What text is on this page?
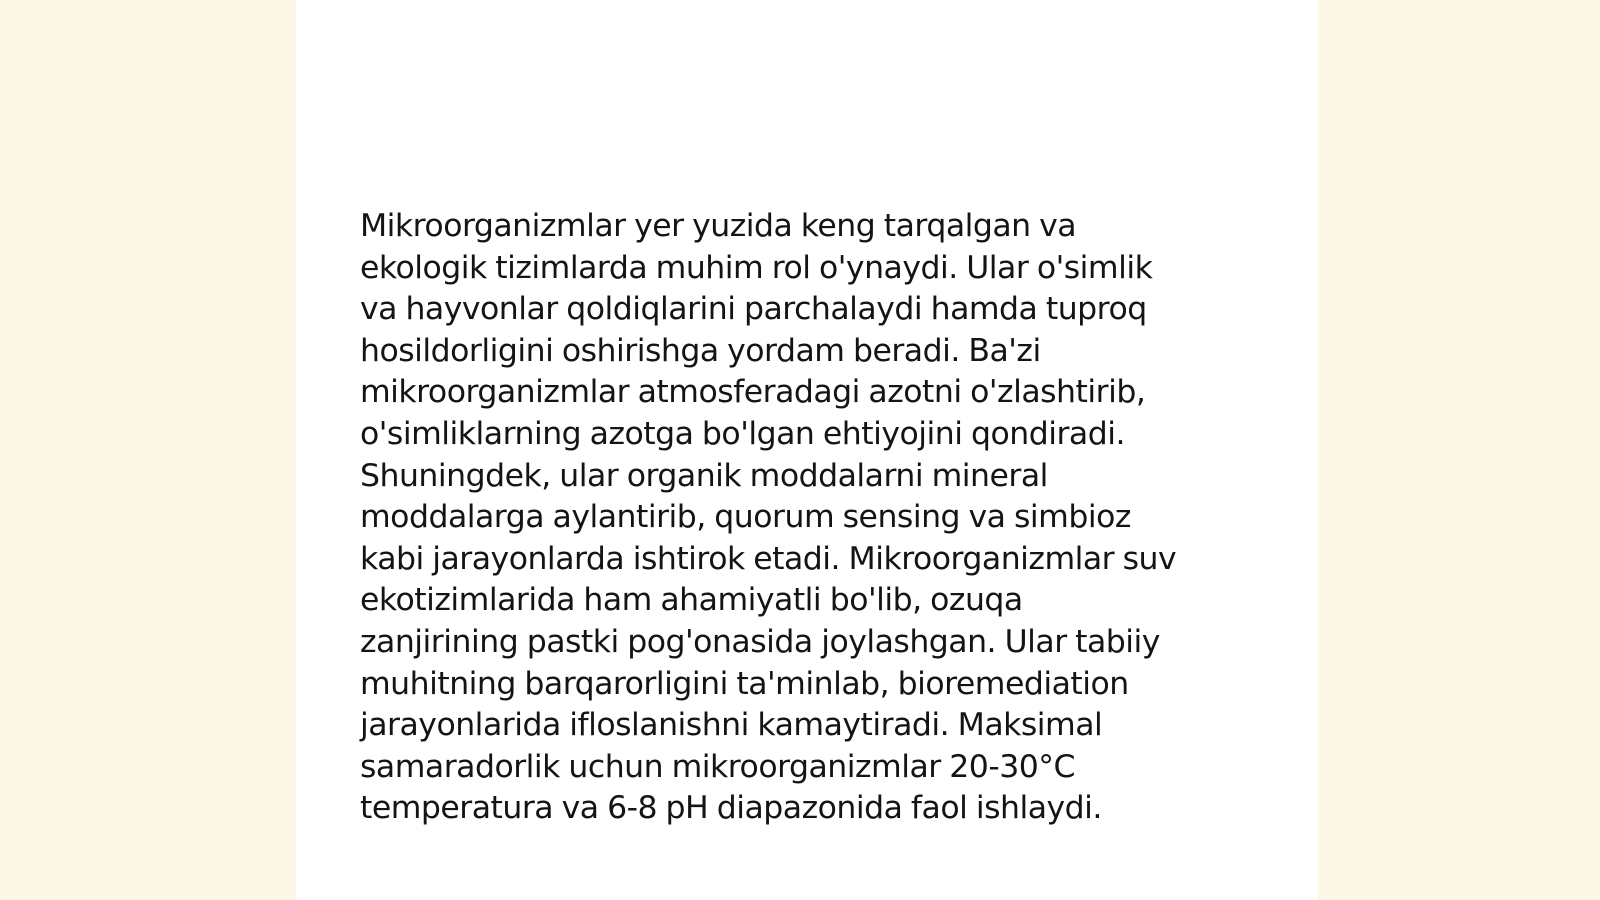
Mikroorganizmlar yer yuzida keng tarqalgan va
ekologik tizimlarda muhim rol o'ynaydi. Ular o'simlik
va hayvonlar qoldiqlarini parchalaydi hamda tuproq
hosildorligini oshirishga yordam beradi. Ba'zi
mikroorganizmlar atmosferadagi azotni o'zlashtirib,
o'simliklarning azotga bo'lgan ehtiyojini qondiradi.
Shuningdek, ular organik moddalarni mineral
moddalarga aylantirib, quorum sensing va simbioz
kabi jarayonlarda ishtirok etadi. Mikroorganizmlar suv
ekotizimlarida ham ahamiyatli bo'lib, ozuqa
zanjirining pastki pog'onasida joylashgan. Ular tabiiy
muhitning barqarorligini ta'minlab, bioremediation
jarayonlarida ifloslanishni kamaytiradi. Maksimal
samaradorlik uchun mikroorganizmlar 20-30°C
temperatura va 6-8 pH diapazonida faol ishlaydi.
